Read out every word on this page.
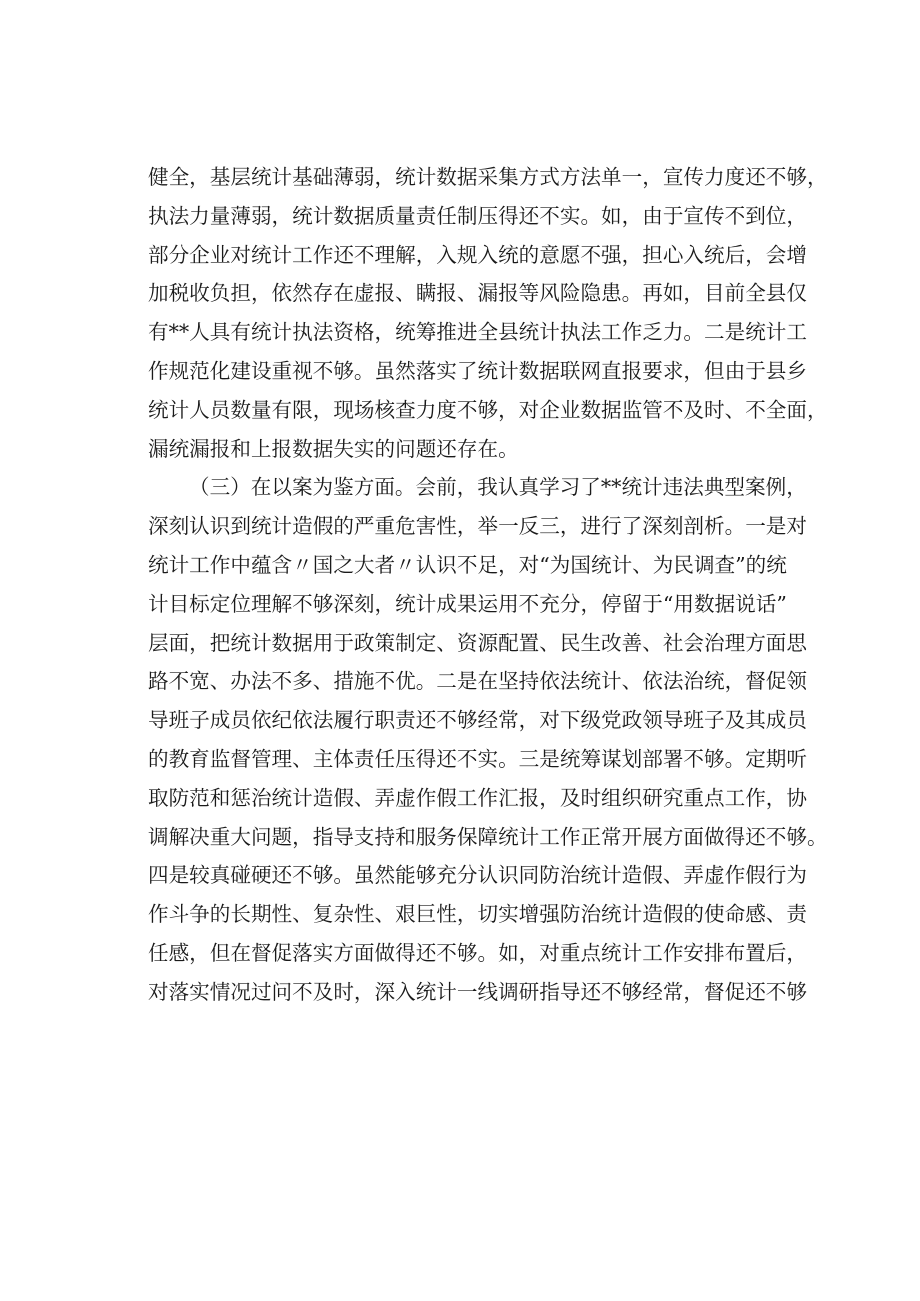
健全，基层统计基础薄弱，统计数据采集方式方法单一，宣传力度还不够，
执法力量薄弱，统计数据质量责任制压得还不实。如，由于宣传不到位，
部分企业对统计工作还不理解，入规入统的意愿不强，担心入统后，会增
加税收负担，依然存在虚报、瞒报、漏报等风险隐患。再如，目前全县仅
有**人具有统计执法资格，统筹推进全县统计执法工作乏力。二是统计工
作规范化建设重视不够。虽然落实了统计数据联网直报要求，但由于县乡
统计人员数量有限，现场核查力度不够，对企业数据监管不及时、不全面，
漏统漏报和上报数据失实的问题还存在。
（三）在以案为鉴方面。会前，我认真学习了**统计违法典型案例，
深刻认识到统计造假的严重危害性，举一反三，进行了深刻剖析。一是对
统计工作中蕴含〃国之大者〃认识不足，对“为国统计、为民调查”的统
计目标定位理解不够深刻，统计成果运用不充分，停留于“用数据说话”
层面，把统计数据用于政策制定、资源配置、民生改善、社会治理方面思
路不宽、办法不多、措施不优。二是在坚持依法统计、依法治统，督促领
导班子成员依纪依法履行职责还不够经常，对下级党政领导班子及其成员
的教育监督管理、主体责任压得还不实。三是统筹谋划部署不够。定期听
取防范和惩治统计造假、弄虚作假工作汇报，及时组织研究重点工作，协
调解决重大问题，指导支持和服务保障统计工作正常开展方面做得还不够。
四是较真碰硬还不够。虽然能够充分认识同防治统计造假、弄虚作假行为
作斗争的长期性、复杂性、艰巨性，切实增强防治统计造假的使命感、责
任感，但在督促落实方面做得还不够。如，对重点统计工作安排布置后，
对落实情况过问不及时，深入统计一线调研指导还不够经常，督促还不够
